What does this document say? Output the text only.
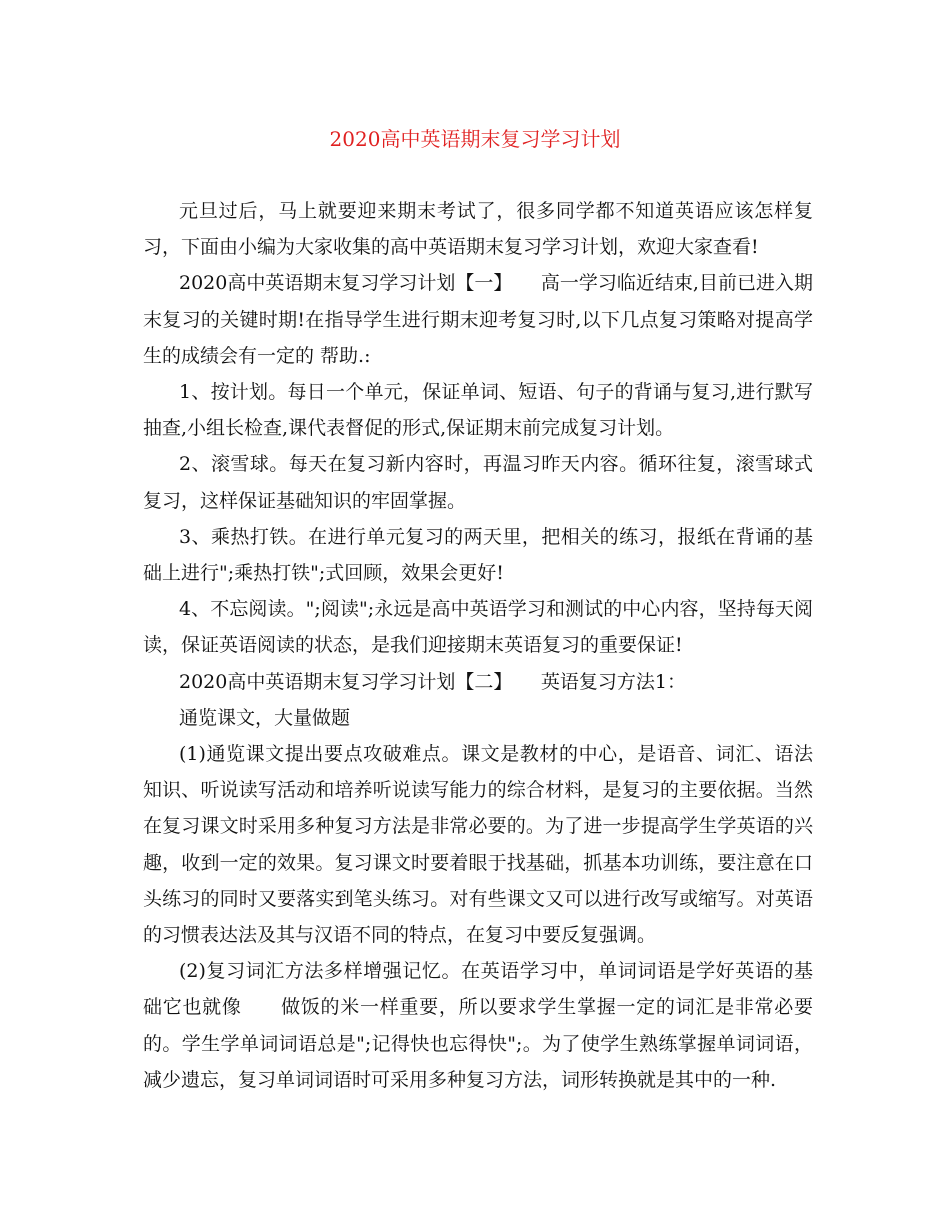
2020高中英语期末复习学习计划

元旦过后，马上就要迎来期末考试了，很多同学都不知道英语应该怎样复习，下面由小编为大家收集的高中英语期末复习学习计划，欢迎大家查看!

2020高中英语期末复习学习计划【一】　　高一学习临近结束,目前已进入期末复习的关键时期!在指导学生进行期末迎考复习时,以下几点复习策略对提高学生的成绩会有一定的 帮助.:

1、按计划。每日一个单元，保证单词、短语、句子的背诵与复习,进行默写抽查,小组长检查,课代表督促的形式,保证期末前完成复习计划。

2、滚雪球。每天在复习新内容时，再温习昨天内容。循环往复，滚雪球式复习，这样保证基础知识的牢固掌握。

3、乘热打铁。在进行单元复习的两天里，把相关的练习，报纸在背诵的基础上进行";乘热打铁";式回顾，效果会更好!

4、不忘阅读。";阅读";永远是高中英语学习和测试的中心内容，坚持每天阅读，保证英语阅读的状态，是我们迎接期末英语复习的重要保证!

2020高中英语期末复习学习计划【二】　　英语复习方法1：

通览课文，大量做题

(1)通览课文提出要点攻破难点。课文是教材的中心，是语音、词汇、语法知识、听说读写活动和培养听说读写能力的综合材料，是复习的主要依据。当然在复习课文时采用多种复习方法是非常必要的。为了进一步提高学生学英语的兴趣，收到一定的效果。复习课文时要着眼于找基础，抓基本功训练，要注意在口头练习的同时又要落实到笔头练习。对有些课文又可以进行改写或缩写。对英语的习惯表达法及其与汉语不同的特点，在复习中要反复强调。

(2)复习词汇方法多样增强记忆。在英语学习中，单词词语是学好英语的基础它也就像　　做饭的米一样重要，所以要求学生掌握一定的词汇是非常必要的。学生学单词词语总是";记得快也忘得快";。为了使学生熟练掌握单词词语，减少遗忘，复习单词词语时可采用多种复习方法，词形转换就是其中的一种.
